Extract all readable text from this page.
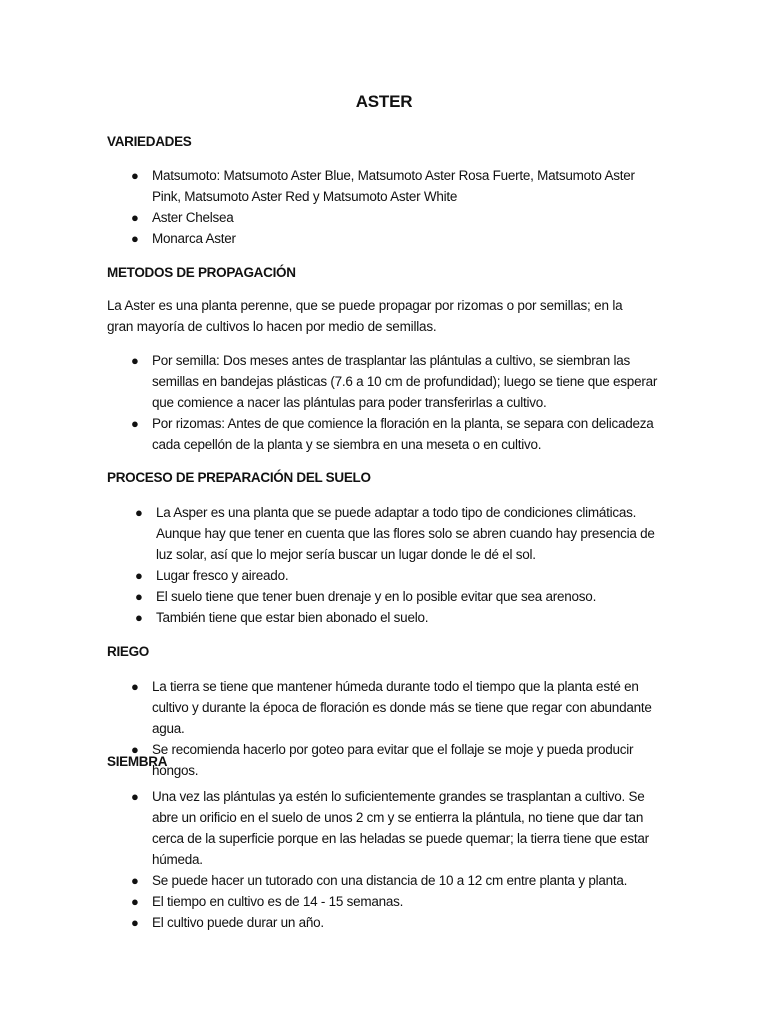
ASTER
VARIEDADES
● Matsumoto: Matsumoto Aster Blue, Matsumoto Aster Rosa Fuerte, Matsumoto Aster Pink, Matsumoto Aster Red y Matsumoto Aster White
● Aster Chelsea
● Monarca Aster
METODOS DE PROPAGACIÓN
La Aster es una planta perenne, que se puede propagar por rizomas o por semillas; en la gran mayoría de cultivos lo hacen por medio de semillas.
● Por semilla: Dos meses antes de trasplantar las plántulas a cultivo, se siembran las semillas en bandejas plásticas (7.6 a 10 cm de profundidad); luego se tiene que esperar que comience a nacer las plántulas para poder transferirlas a cultivo.
● Por rizomas: Antes de que comience la floración en la planta, se separa con delicadeza cada cepellón de la planta y se siembra en una meseta o en cultivo.
PROCESO DE PREPARACIÓN DEL SUELO
● La Asper es una planta que se puede adaptar a todo tipo de condiciones climáticas. Aunque hay que tener en cuenta que las flores solo se abren cuando hay presencia de luz solar, así que lo mejor sería buscar un lugar donde le dé el sol.
● Lugar fresco y aireado.
● El suelo tiene que tener buen drenaje y en lo posible evitar que sea arenoso.
● También tiene que estar bien abonado el suelo.
RIEGO
● La tierra se tiene que mantener húmeda durante todo el tiempo que la planta esté en cultivo y durante la época de floración es donde más se tiene que regar con abundante agua.
● Se recomienda hacerlo por goteo para evitar que el follaje se moje y pueda producir hongos.
SIEMBRA
● Una vez las plántulas ya estén lo suficientemente grandes se trasplantan a cultivo. Se abre un orificio en el suelo de unos 2 cm y se entierra la plántula, no tiene que dar tan cerca de la superficie porque en las heladas se puede quemar; la tierra tiene que estar húmeda.
● Se puede hacer un tutorado con una distancia de 10 a 12 cm entre planta y planta.
● El tiempo en cultivo es de 14 - 15 semanas.
● El cultivo puede durar un año.
